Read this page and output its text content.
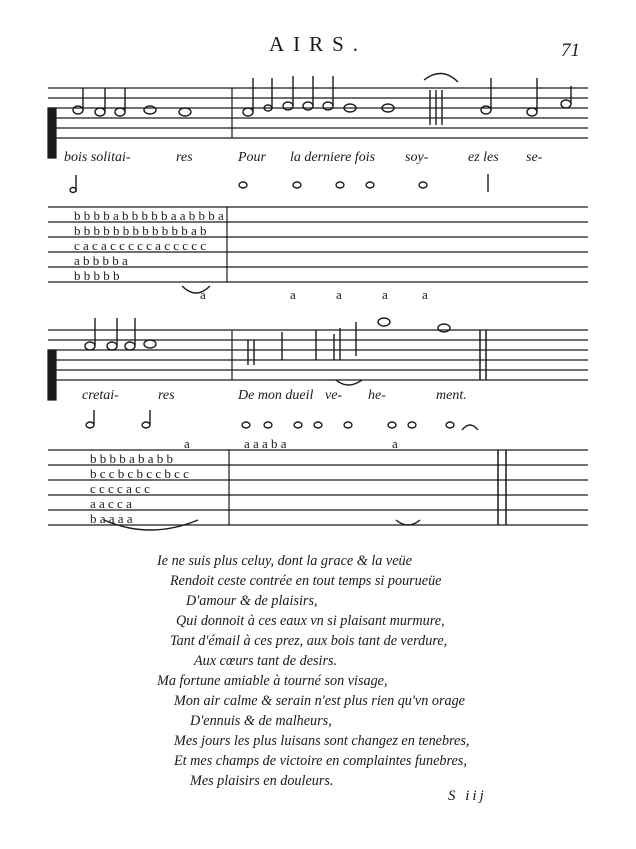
AIRS.	71
bois solitai-	res	Pour la derniere fois soy-	ez les se-
b b b b a b b b b b a a b b b a
b b b b b b b b b b b b a b
c a c a c c c c c a c c c c c
a b b b b a
b b b b b
a	a	a	a	a
cretai-	res	De mon dueil ve- he-	ment.
a	a a a b a	a
b b b b a b a b b
b c c b c b c c b c c
c c c c a c c
a a c c a
b a a a a
Ie ne suis plus celuy, dont la grace & la veüe
Rendoit ceste contrée en tout temps si pourueüe
D'amour & de plaisirs,
Qui donnoit à ces eaux vn si plaisant murmure,
Tant d'émail à ces prez, aux bois tant de verdure,
Aux cœurs tant de desirs.
Ma fortune amiable à tourné son visage,
Mon air calme & serain n'est plus rien qu'vn orage
D'ennuis & de malheurs,
Mes jours les plus luisans sont changez en tenebres,
Et mes champs de victoire en complaintes funebres,
Mes plaisirs en douleurs.
S iij
